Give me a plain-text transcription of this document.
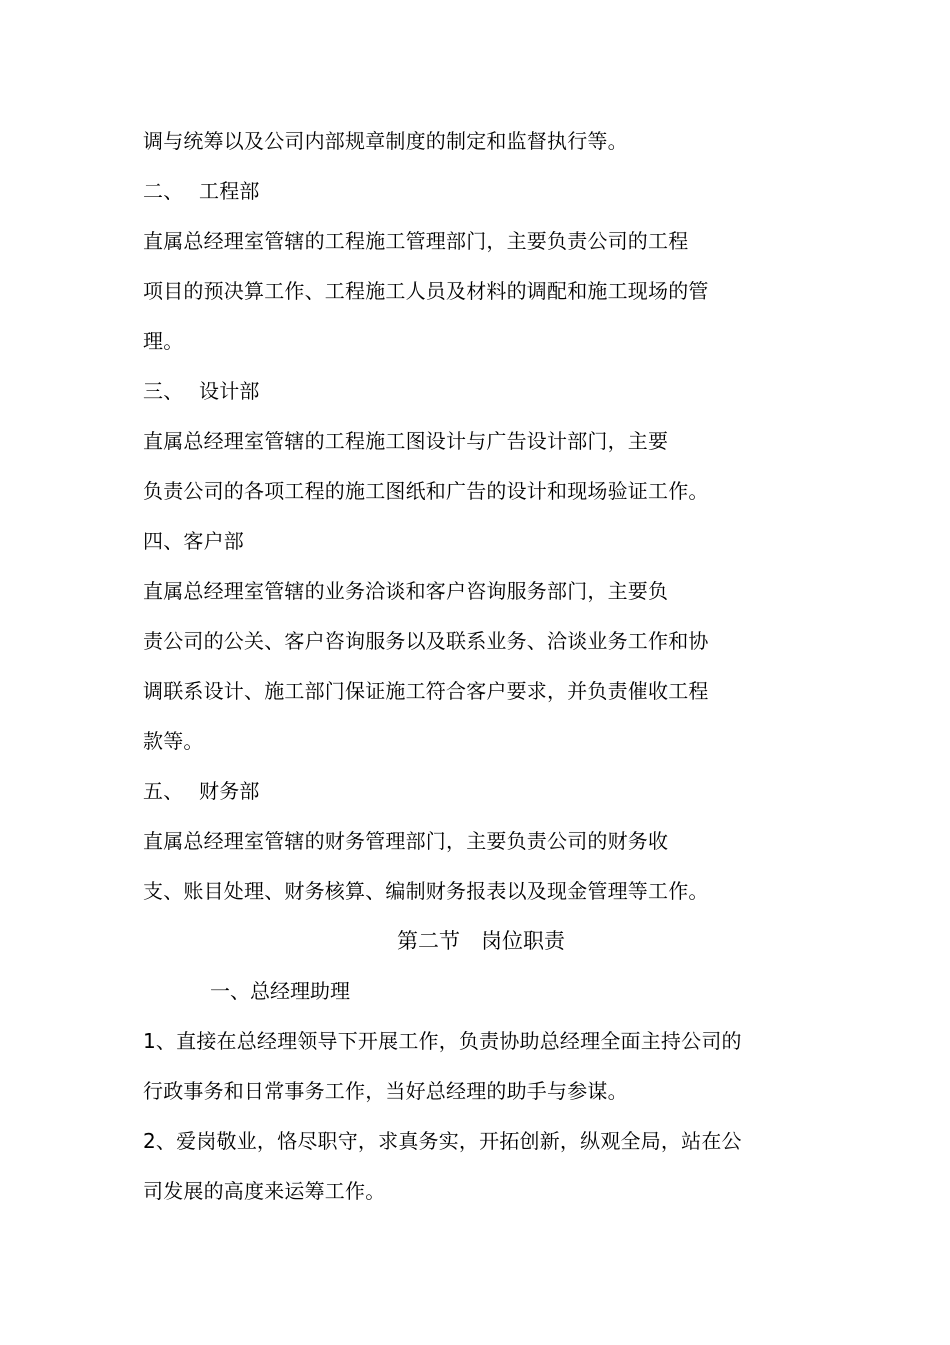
调与统筹以及公司内部规章制度的制定和监督执行等。
二、 工程部
直属总经理室管辖的工程施工管理部门，主要负责公司的工程
项目的预决算工作、工程施工人员及材料的调配和施工现场的管
理。
三、 设计部
直属总经理室管辖的工程施工图设计与广告设计部门，主要
负责公司的各项工程的施工图纸和广告的设计和现场验证工作。
四、客户部
直属总经理室管辖的业务洽谈和客户咨询服务部门，主要负
责公司的公关、客户咨询服务以及联系业务、洽谈业务工作和协
调联系设计、施工部门保证施工符合客户要求，并负责催收工程
款等。
五、 财务部
直属总经理室管辖的财务管理部门，主要负责公司的财务收
支、账目处理、财务核算、编制财务报表以及现金管理等工作。
第二节　岗位职责
一、总经理助理
1、直接在总经理领导下开展工作，负责协助总经理全面主持公司的
行政事务和日常事务工作，当好总经理的助手与参谋。
2、爱岗敬业，恪尽职守，求真务实，开拓创新，纵观全局，站在公
司发展的高度来运筹工作。
